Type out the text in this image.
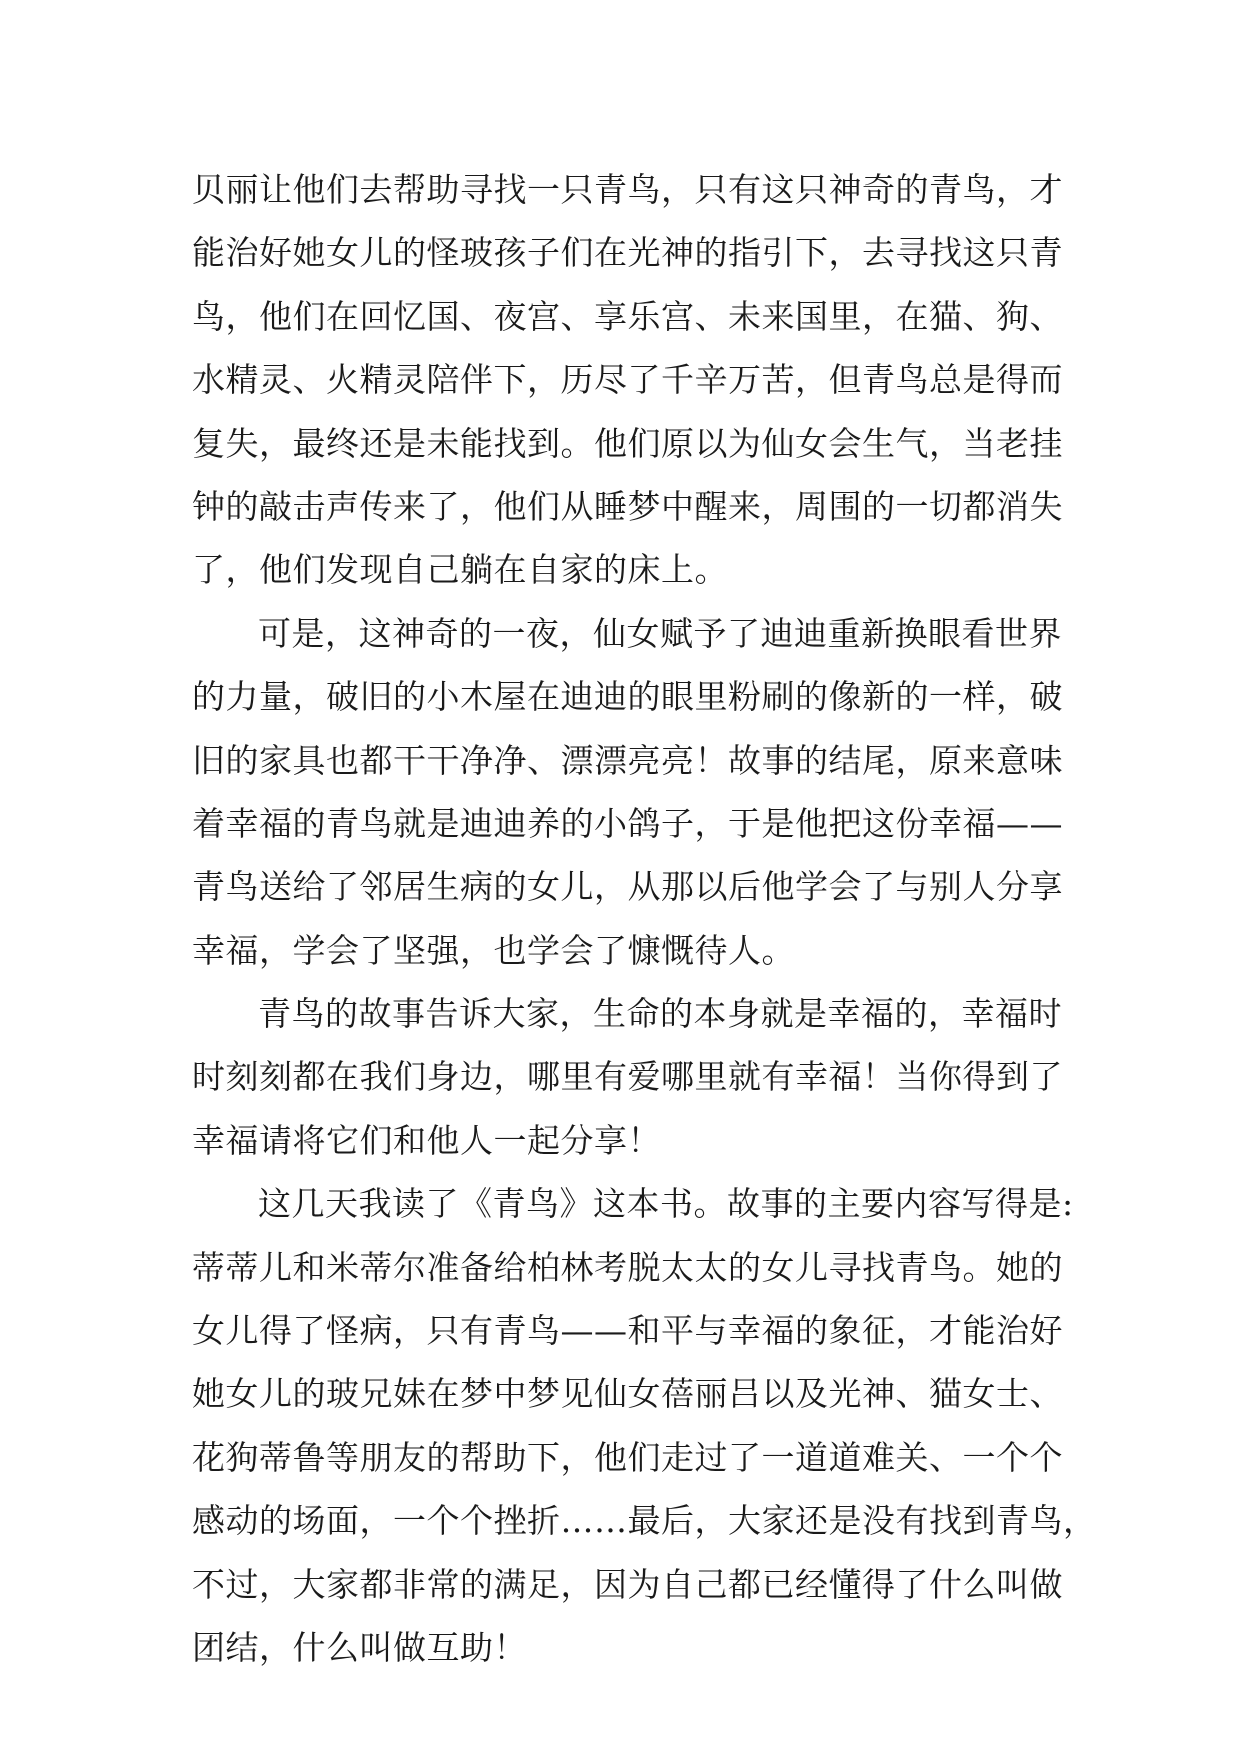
贝丽让他们去帮助寻找一只青鸟，只有这只神奇的青鸟，才
能治好她女儿的怪玻孩子们在光神的指引下，去寻找这只青
鸟，他们在回忆国、夜宫、享乐宫、未来国里，在猫、狗、
水精灵、火精灵陪伴下，历尽了千辛万苦，但青鸟总是得而
复失，最终还是未能找到。他们原以为仙女会生气，当老挂
钟的敲击声传来了，他们从睡梦中醒来，周围的一切都消失
了，他们发现自己躺在自家的床上。
可是，这神奇的一夜，仙女赋予了迪迪重新换眼看世界
的力量，破旧的小木屋在迪迪的眼里粉刷的像新的一样，破
旧的家具也都干干净净、漂漂亮亮！故事的结尾，原来意味
着幸福的青鸟就是迪迪养的小鸽子，于是他把这份幸福——
青鸟送给了邻居生病的女儿，从那以后他学会了与别人分享
幸福，学会了坚强，也学会了慷慨待人。
青鸟的故事告诉大家，生命的本身就是幸福的，幸福时
时刻刻都在我们身边，哪里有爱哪里就有幸福！当你得到了
幸福请将它们和他人一起分享！
这几天我读了《青鸟》这本书。故事的主要内容写得是:
蒂蒂儿和米蒂尔准备给柏林考脱太太的女儿寻找青鸟。她的
女儿得了怪病，只有青鸟——和平与幸福的象征，才能治好
她女儿的玻兄妹在梦中梦见仙女蓓丽吕以及光神、猫女士、
花狗蒂鲁等朋友的帮助下，他们走过了一道道难关、一个个
感动的场面，一个个挫折……最后，大家还是没有找到青鸟，
不过，大家都非常的满足，因为自己都已经懂得了什么叫做
团结，什么叫做互助！
